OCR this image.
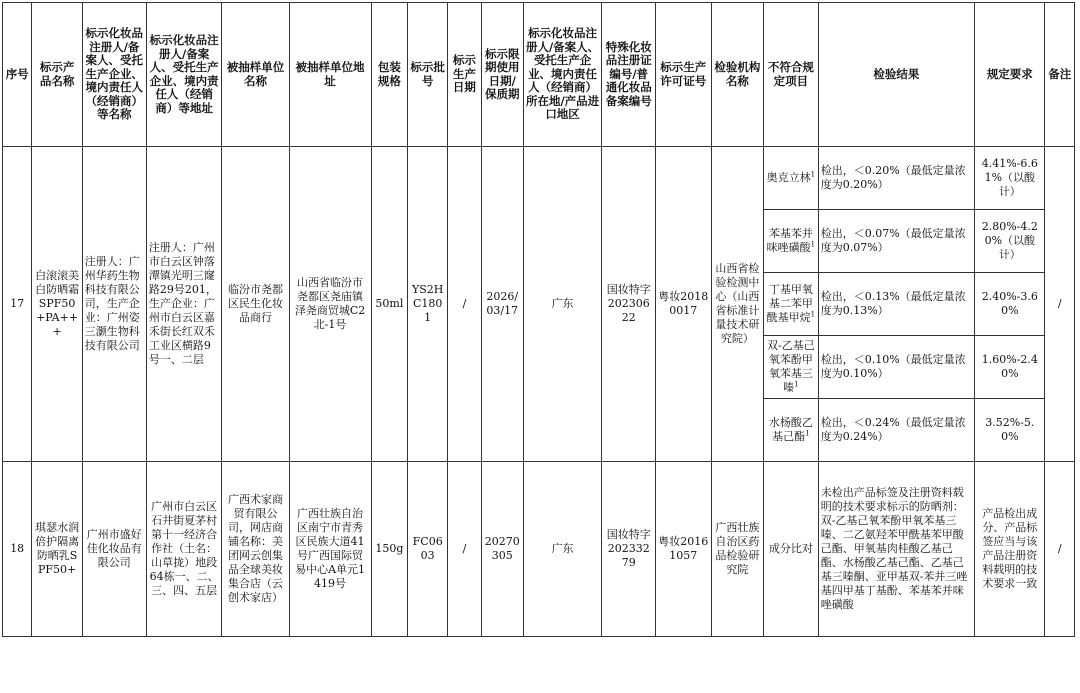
序号	标示产品名称	标示化妆品注册人/备案人、受托生产企业、境内责任人（经销商）等名称	标示化妆品注册人/备案人、受托生产企业、境内责任人（经销商）等地址	被抽样单位名称	被抽样单位地址	包装规格	标示批号	标示生产日期	标示限期使用日期/保质期	标示化妆品注册人/备案人、受托生产企业、境内责任人（经销商）所在地/产品进口地区	特殊化妆品注册证编号/普通化妆品备案编号	标示生产许可证号	检验机构名称	不符合规定项目	检验结果	规定要求	备注
17	白滚滚美白防晒霜SPF50+PA+++	注册人：广州华药生物科技有限公司，生产企业：广州姿三灏生物科技有限公司	注册人：广州市白云区钟落潭镇光明三窿路29号201，生产企业：广州市白云区嘉禾街长红双禾工业区横路9号一、二层	临汾市尧都区民生化妆品商行	山西省临汾市尧都区尧庙镇泽尧商贸城C2北-1号	50ml	YS2HC1801	/	2026/03/17	广东	国妆特字20230622	粤妆20180017	山西省检验检测中心（山西省标准计量技术研究院）	奥克立林$^1$	检出，＜0.20%（最低定量浓度为0.20%）	4.41%-6.61%（以酸计）	/
														苯基苯并咪唑磺酸$^1$	检出，＜0.07%（最低定量浓度为0.07%）	2.80%-4.20%（以酸计）	
														丁基甲氧基二苯甲酰基甲烷$^1$	检出，＜0.13%（最低定量浓度为0.13%）	2.40%-3.60%	
														双-乙基己氧苯酚甲氧苯基三嗪$^1$	检出，＜0.10%（最低定量浓度为0.10%）	1.60%-2.40%	
														水杨酸乙基己酯$^1$	检出，＜0.24%（最低定量浓度为0.24%）	3.52%-5.0%	
18	琪瑟水润倍护隔离防晒乳SPF50+	广州市盛好佳化妆品有限公司	广州市白云区石井街夏茅村第十一经济合作社（土名：山草拢）地段64栋一、二、三、四、五层	广西术家商贸有限公司，网店商铺名称：美团网云创集品全球美妆集合店（云创术家店）	广西壮族自治区南宁市青秀区民族大道41号广西国际贸易中心A单元1419号	150g	FC0603	/	20270305	广东	国妆特字20233279	粤妆20161057	广西壮族自治区药品检验研究院	成分比对	未检出产品标签及注册资料载明的技术要求标示的防晒剂：双-乙基己氧苯酚甲氧苯基三嗪、二乙氨羟苯甲酰基苯甲酸己酯、甲氧基肉桂酸乙基己酯、水杨酸乙基己酯、乙基己基三嗪酮、亚甲基双-苯并三唑基四甲基丁基酚、苯基苯并咪唑磺酸	产品检出成分、产品标签应当与该产品注册资料载明的技术要求一致	/
